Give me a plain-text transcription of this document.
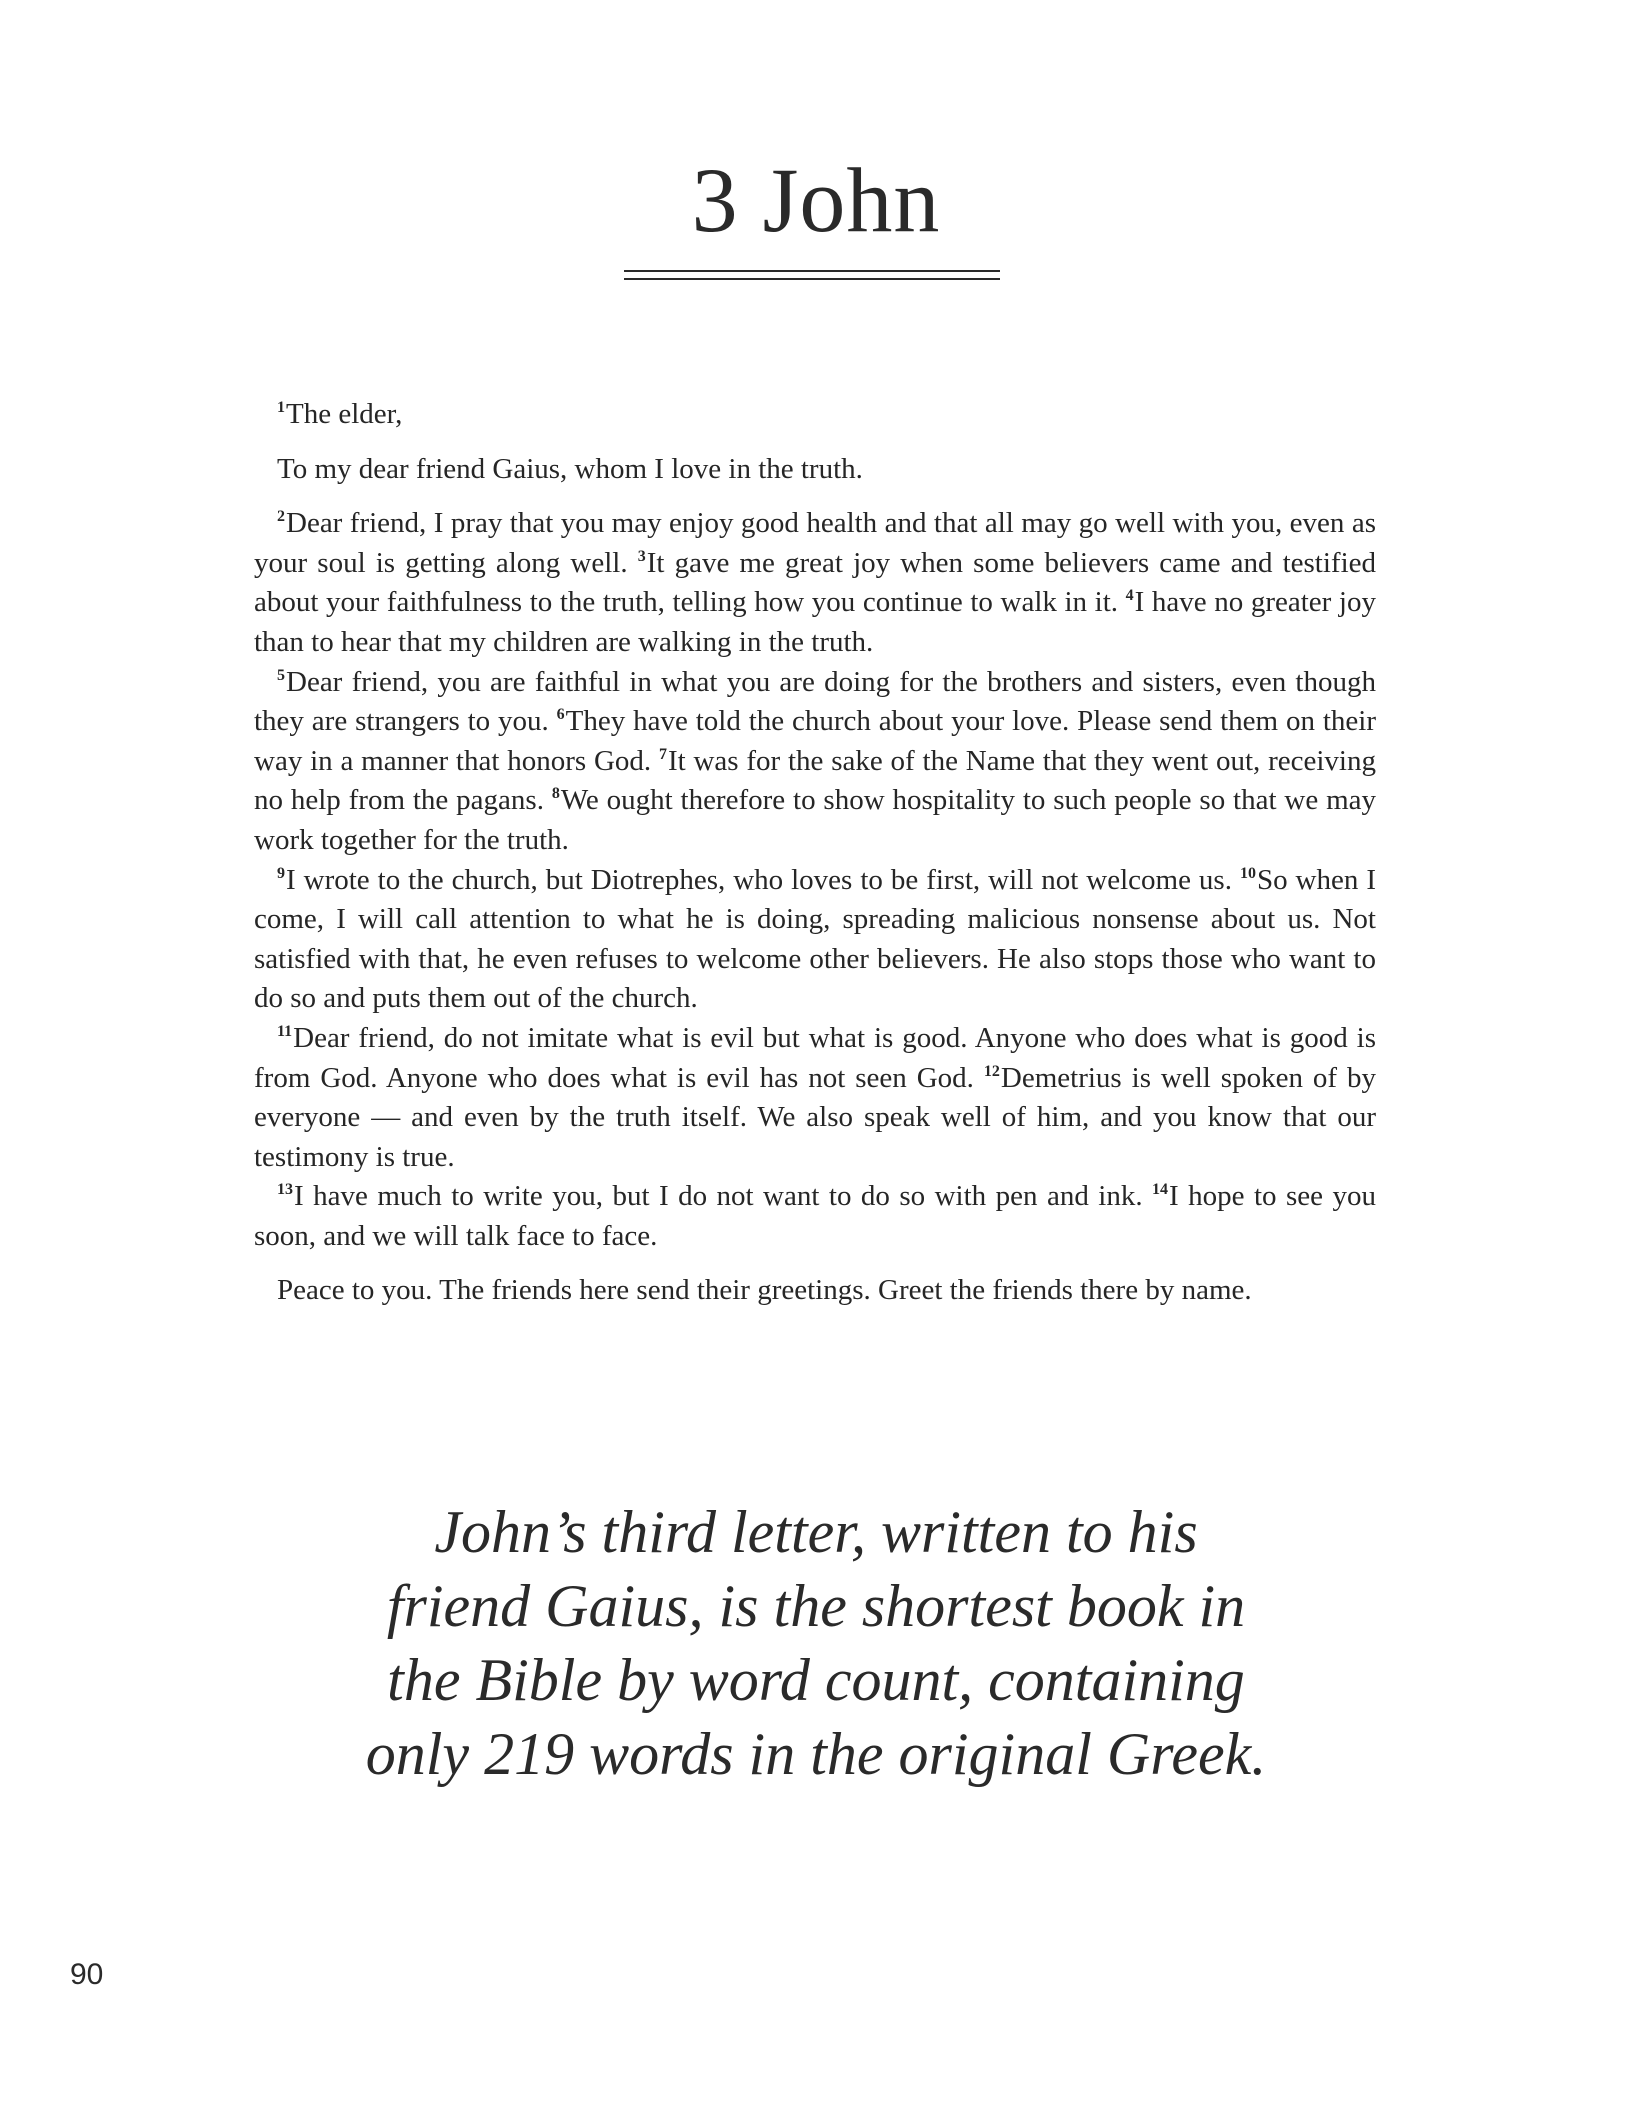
3 John

$^1$The elder,

To my dear friend Gaius, whom I love in the truth.

$^2$Dear friend, I pray that you may enjoy good health and that all may go well with you, even as your soul is getting along well. $^3$It gave me great joy when some believers came and testified about your faithfulness to the truth, telling how you continue to walk in it. $^4$I have no greater joy than to hear that my children are walking in the truth.

$^5$Dear friend, you are faithful in what you are doing for the brothers and sisters, even though they are strangers to you. $^6$They have told the church about your love. Please send them on their way in a manner that honors God. $^7$It was for the sake of the Name that they went out, receiving no help from the pagans. $^8$We ought therefore to show hospitality to such people so that we may work together for the truth.

$^9$I wrote to the church, but Diotrephes, who loves to be first, will not welcome us. $^{10}$So when I come, I will call attention to what he is doing, spreading malicious nonsense about us. Not satisfied with that, he even refuses to welcome other believers. He also stops those who want to do so and puts them out of the church.

$^{11}$Dear friend, do not imitate what is evil but what is good. Anyone who does what is good is from God. Anyone who does what is evil has not seen God. $^{12}$Demetrius is well spoken of by everyone — and even by the truth itself. We also speak well of him, and you know that our testimony is true.

$^{13}$I have much to write you, but I do not want to do so with pen and ink. $^{14}$I hope to see you soon, and we will talk face to face.

Peace to you. The friends here send their greetings. Greet the friends there by name.

John’s third letter, written to his
friend Gaius, is the shortest book in
the Bible by word count, containing
only 219 words in the original Greek.
90
